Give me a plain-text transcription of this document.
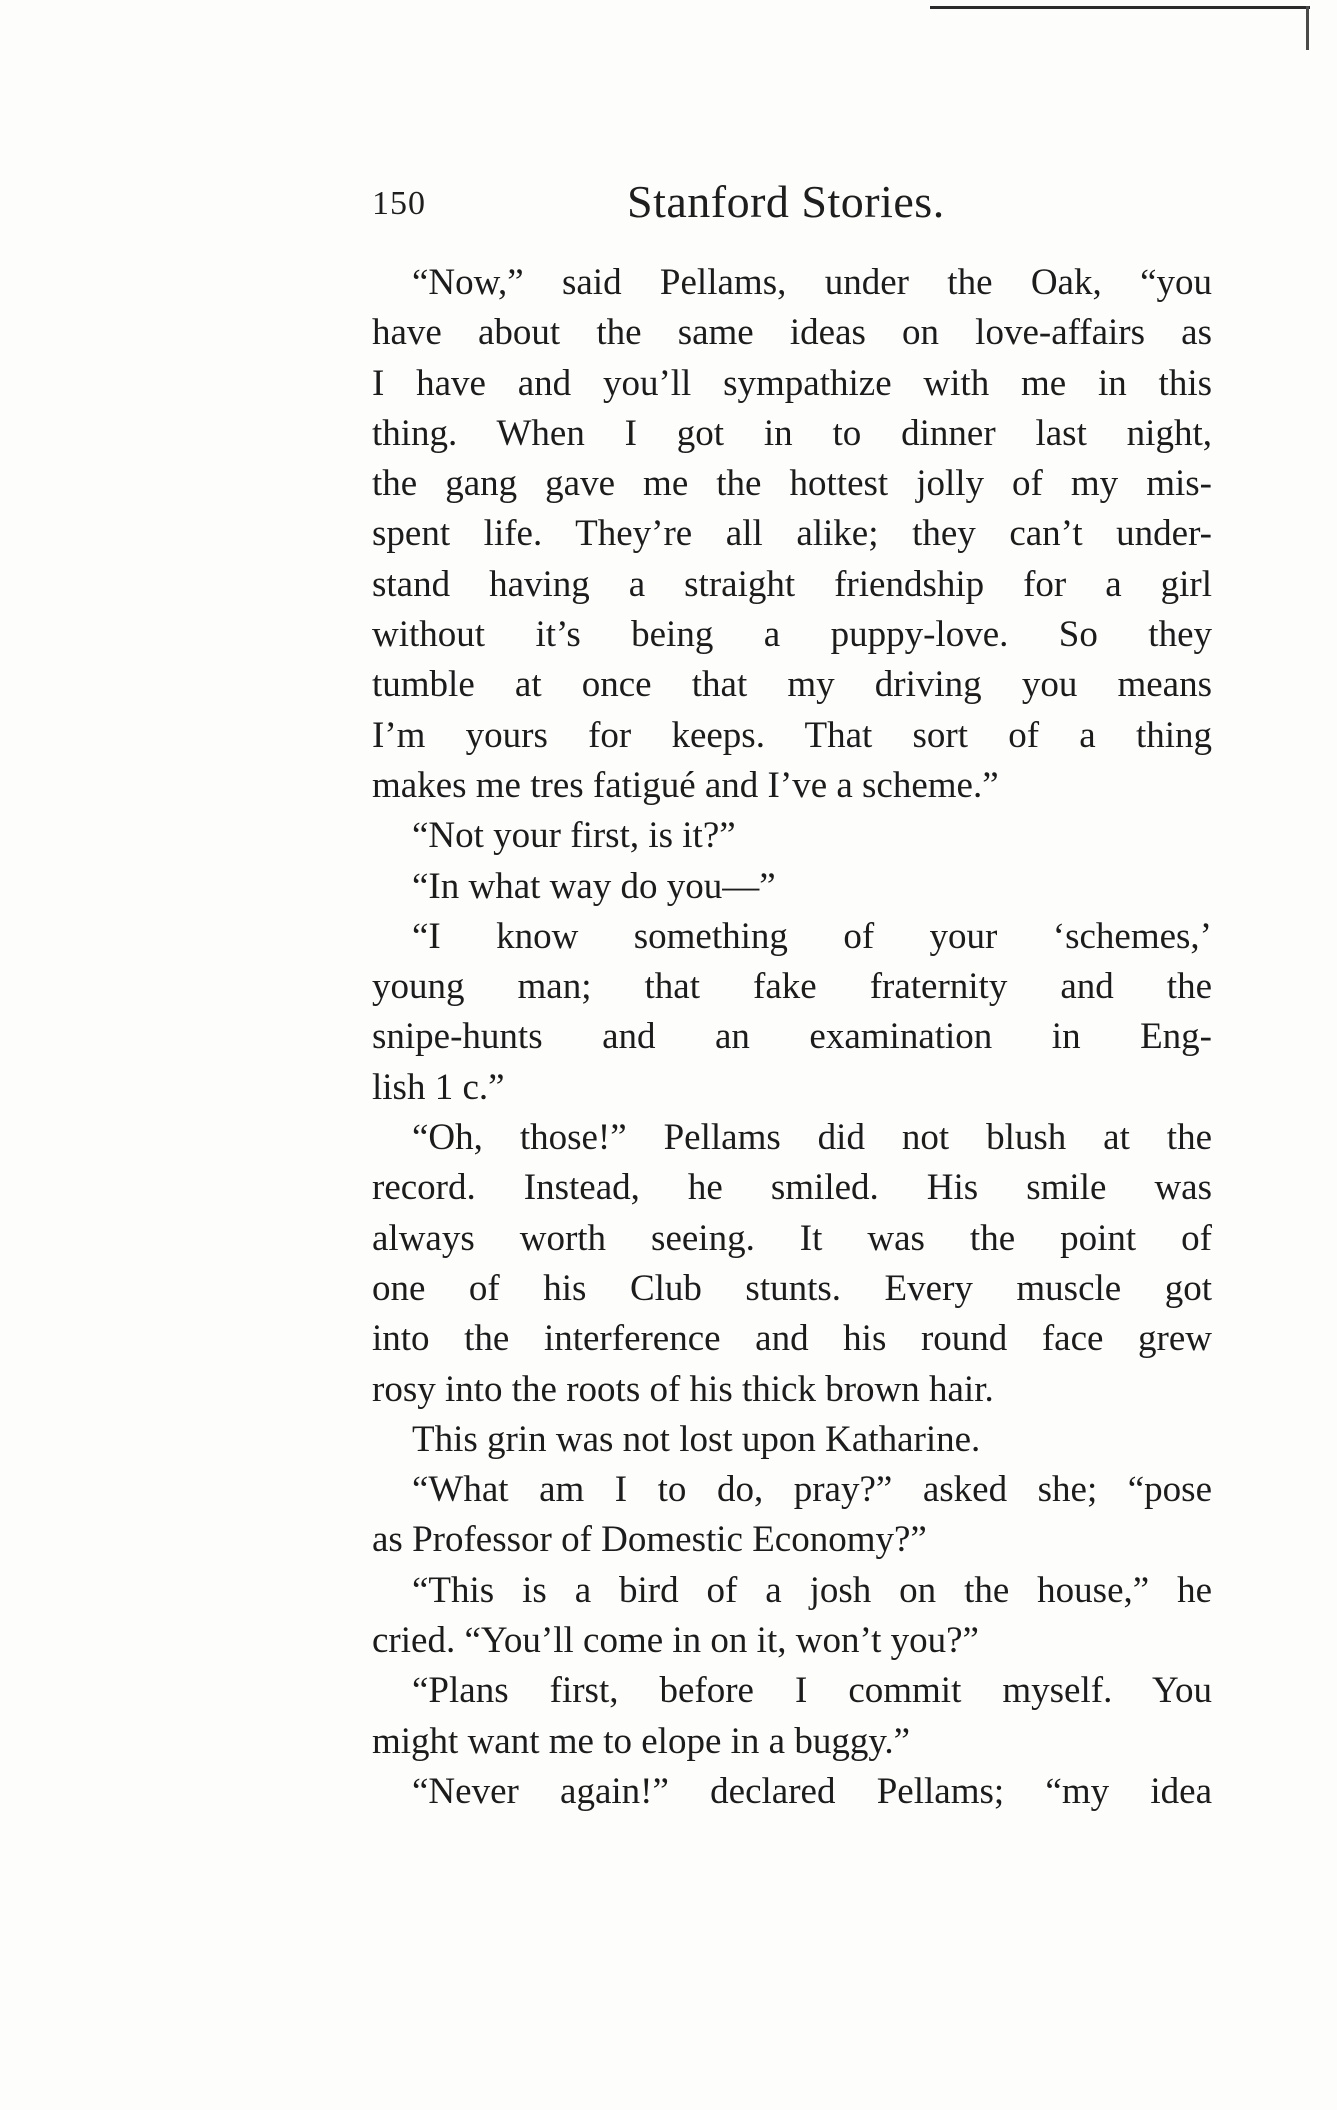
150	Stanford Stories.
“Now,” said Pellams, under the Oak, “you
have about the same ideas on love-affairs as
I have and you’ll sympathize with me in this
thing. When I got in to dinner last night,
the gang gave me the hottest jolly of my mis-
spent life. They’re all alike; they can’t under-
stand having a straight friendship for a girl
without it’s being a puppy-love. So they
tumble at once that my driving you means
I’m yours for keeps. That sort of a thing
makes me tres fatigué and I’ve a scheme.”
“Not your first, is it?”
“In what way do you—”
“I know something of your ‘schemes,’
young man; that fake fraternity and the
snipe-hunts and an examination in Eng-
lish 1 c.”
“Oh, those!” Pellams did not blush at the
record. Instead, he smiled. His smile was
always worth seeing. It was the point of
one of his Club stunts. Every muscle got
into the interference and his round face grew
rosy into the roots of his thick brown hair.
This grin was not lost upon Katharine.
“What am I to do, pray?” asked she; “pose
as Professor of Domestic Economy?”
“This is a bird of a josh on the house,” he
cried. “You’ll come in on it, won’t you?”
“Plans first, before I commit myself. You
might want me to elope in a buggy.”
“Never again!” declared Pellams; “my idea
